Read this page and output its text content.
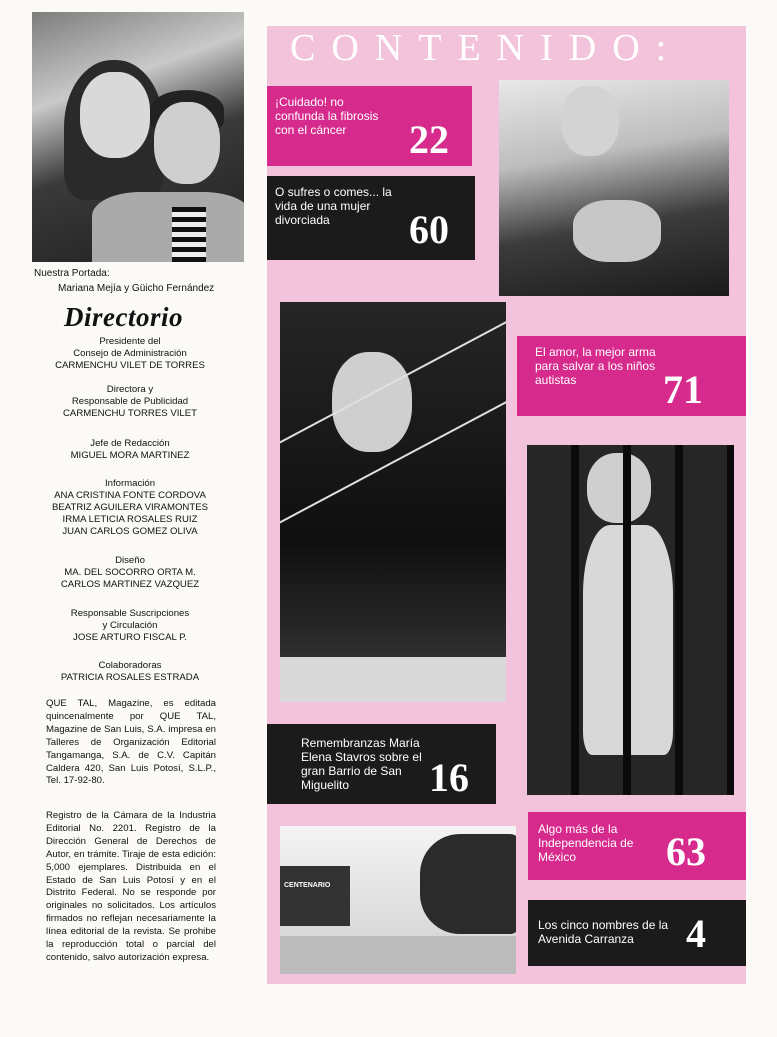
Nuestra Portada:
Mariana Mejía y Güicho Fernández
Directorio
Presidente del
Consejo de Administración
CARMENCHU VILET DE TORRES
Directora y
Responsable de Publicidad
CARMENCHU TORRES VILET
Jefe de Redacción
MIGUEL MORA MARTINEZ
Información
ANA CRISTINA FONTE CORDOVA
BEATRIZ AGUILERA VIRAMONTES
IRMA LETICIA ROSALES RUIZ
JUAN CARLOS GOMEZ OLIVA
Diseño
MA. DEL SOCORRO ORTA M.
CARLOS MARTINEZ VAZQUEZ
Responsable Suscripciones
y Circulación
JOSE ARTURO FISCAL P.
Colaboradoras
PATRICIA ROSALES ESTRADA
QUE TAL, Magazine, es editada quincenalmente por QUE TAL, Magazine de San Luis, S.A. impresa en Talleres de Organización Editorial Tangamanga, S.A. de C.V. Capitán Caldera 420, San Luis Potosí, S.L.P., Tel. 17-92-80.
Registro de la Cámara de la Industria Editorial No. 2201. Registro de la Dirección General de Derechos de Autor, en trámite. Tiraje de esta edición: 5,000 ejemplares. Distribuida en el Estado de San Luis Potosí y en el Distrito Federal. No se responde por originales no solicitados. Los artículos firmados no reflejan necesariamente la línea editorial de la revista. Se prohibe la reproducción total o parcial del contenido, salvo autorización expresa.
CONTENIDO:
¡Cuidado! no confunda la fibrosis con el cáncer	22
O sufres o comes... la vida de una mujer divorciada	60
El amor, la mejor arma para salvar a los niños autistas	71
Remembranzas María Elena Stavros sobre el gran Barrio de San Miguelito	16
Algo más de la Independencia de México	63
CENTENARIO
Los cinco nombres de la Avenida Carranza	4
